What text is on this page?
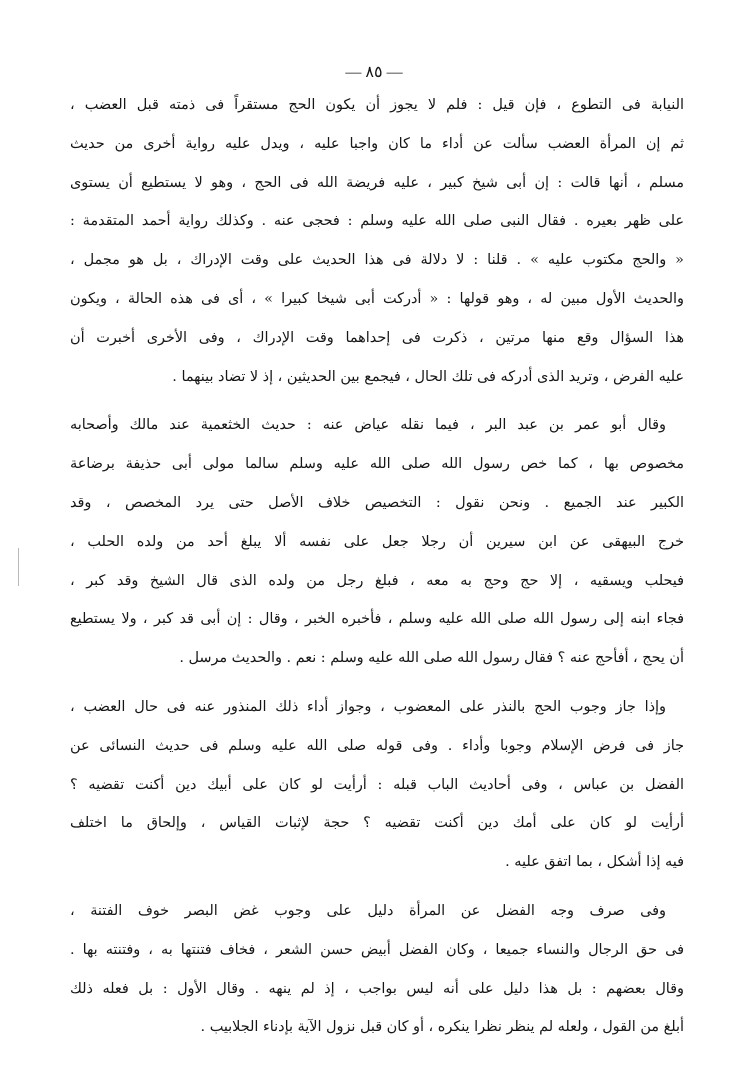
— ٨٥ —
النيابة فى التطوع ، فإن قيل : فلم لا يجوز أن يكون الحج مستقراً فى ذمته قبل العضب ،
ثم إن المرأة العضب سألت عن أداء ما كان واجبا عليه ، ويدل عليه رواية أخرى من حديث
مسلم ، أنها قالت : إن أبى شيخ كبير ، عليه فريضة الله فى الحج ، وهو لا يستطيع أن يستوى
على ظهر بعيره . فقال النبى صلى الله عليه وسلم : فحجى عنه . وكذلك رواية أحمد المتقدمة :
« والحج مكتوب عليه » . قلنا : لا دلالة فى هذا الحديث على وقت الإدراك ، بل هو مجمل ،
والحديث الأول مبين له ، وهو قولها : « أدركت أبى شيخا كبيرا » ، أى فى هذه الحالة ، ويكون
هذا السؤال وقع منها مرتين ، ذكرت فى إحداهما وقت الإدراك ، وفى الأخرى أخبرت أن
عليه الفرض ، وتريد الذى أدركه فى تلك الحال ، فيجمع بين الحديثين ، إذ لا تضاد بينهما .
وقال أبو عمر بن عبد البر ، فيما نقله عياض عنه : حديث الخثعمية عند مالك وأصحابه
مخصوص بها ، كما خص رسول الله صلى الله عليه وسلم سالما مولى أبى حذيفة برضاعة
الكبير عند الجميع . ونحن نقول : التخصيص خلاف الأصل حتى يرد المخصص ، وقد
خرج البيهقى عن ابن سيرين أن رجلا جعل على نفسه ألا يبلغ أحد من ولده الحلب ،
فيحلب ويسقيه ، إلا حج وحج به معه ، فبلغ رجل من ولده الذى قال الشيخ وقد كبر ،
فجاء ابنه إلى رسول الله صلى الله عليه وسلم ، فأخبره الخبر ، وقال : إن أبى قد كبر ، ولا يستطيع
أن يحج ، أفأحج عنه ؟ فقال رسول الله صلى الله عليه وسلم : نعم . والحديث مرسل .
وإذا جاز وجوب الحج بالنذر على المعضوب ، وجواز أداء ذلك المنذور عنه فى حال العضب ،
جاز فى فرض الإسلام وجوبا وأداء . وفى قوله صلى الله عليه وسلم فى حديث النسائى عن
الفضل بن عباس ، وفى أحاديث الباب قبله : أرأيت لو كان على أبيك دين أكنت تقضيه ؟
أرأيت لو كان على أمك دين أكنت تقضيه ؟ حجة لإثبات القياس ، وإلحاق ما اختلف
فيه إذا أشكل ، بما اتفق عليه .
وفى صرف وجه الفضل عن المرأة دليل على وجوب غض البصر خوف الفتنة ،
فى حق الرجال والنساء جميعا ، وكان الفضل أبيض حسن الشعر ، فخاف فتنتها به ، وفتنته بها .
وقال بعضهم : بل هذا دليل على أنه ليس بواجب ، إذ لم ينهه . وقال الأول : بل فعله ذلك
أبلغ من القول ، ولعله لم ينظر نظرا ينكره ، أو كان قبل نزول الآية بإدناء الجلابيب .
